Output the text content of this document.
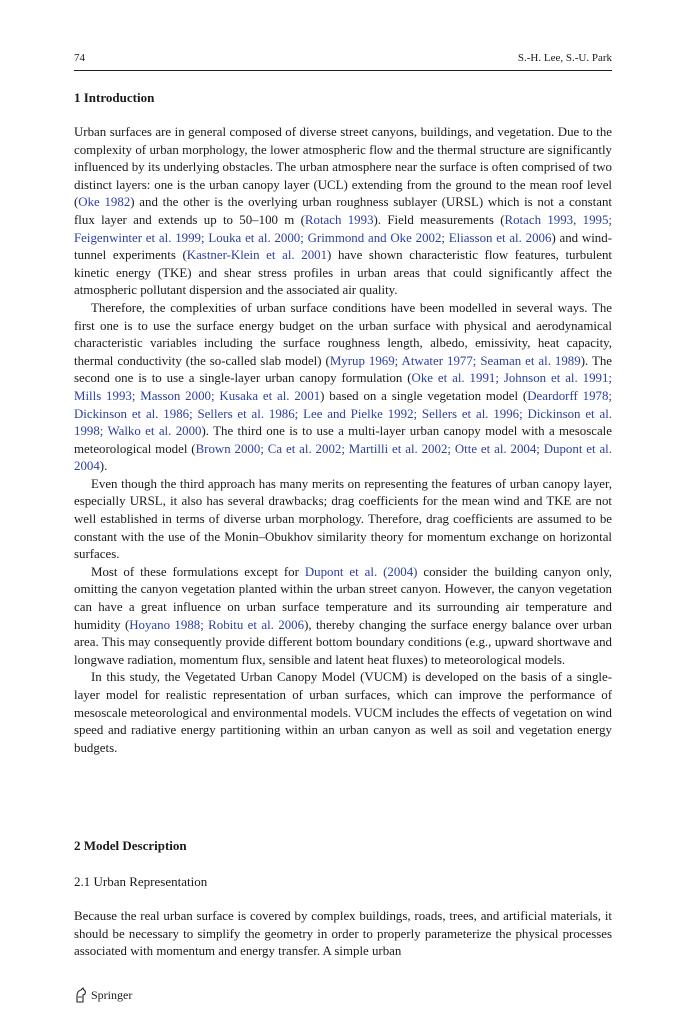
74	S.-H. Lee, S.-U. Park
1 Introduction

Urban surfaces are in general composed of diverse street canyons, buildings, and vegetation. Due to the complexity of urban morphology, the lower atmospheric flow and the thermal structure are significantly influenced by its underlying obstacles. The urban atmosphere near the surface is often comprised of two distinct layers: one is the urban canopy layer (UCL) extending from the ground to the mean roof level (Oke 1982) and the other is the overlying urban roughness sublayer (URSL) which is not a constant flux layer and extends up to 50–100 m (Rotach 1993). Field measurements (Rotach 1993, 1995; Feigenwinter et al. 1999; Louka et al. 2000; Grimmond and Oke 2002; Eliasson et al. 2006) and wind-tunnel experiments (Kastner-Klein et al. 2001) have shown characteristic flow features, turbulent kinetic energy (TKE) and shear stress profiles in urban areas that could significantly affect the atmospheric pollutant dispersion and the associated air quality.

Therefore, the complexities of urban surface conditions have been modelled in several ways. The first one is to use the surface energy budget on the urban surface with physical and aerodynamical characteristic variables including the surface roughness length, albedo, emissivity, heat capacity, thermal conductivity (the so-called slab model) (Myrup 1969; Atwater 1977; Seaman et al. 1989). The second one is to use a single-layer urban canopy formulation (Oke et al. 1991; Johnson et al. 1991; Mills 1993; Masson 2000; Kusaka et al. 2001) based on a single vegetation model (Deardorff 1978; Dickinson et al. 1986; Sellers et al. 1986; Lee and Pielke 1992; Sellers et al. 1996; Dickinson et al. 1998; Walko et al. 2000). The third one is to use a multi-layer urban canopy model with a mesoscale meteorological model (Brown 2000; Ca et al. 2002; Martilli et al. 2002; Otte et al. 2004; Dupont et al. 2004).

Even though the third approach has many merits on representing the features of urban canopy layer, especially URSL, it also has several drawbacks; drag coefficients for the mean wind and TKE are not well established in terms of diverse urban morphology. Therefore, drag coefficients are assumed to be constant with the use of the Monin–Obukhov similarity theory for momentum exchange on horizontal surfaces.

Most of these formulations except for Dupont et al. (2004) consider the building canyon only, omitting the canyon vegetation planted within the urban street canyon. However, the canyon vegetation can have a great influence on urban surface temperature and its surrounding air temperature and humidity (Hoyano 1988; Robitu et al. 2006), thereby changing the surface energy balance over urban area. This may consequently provide different bottom boundary conditions (e.g., upward shortwave and longwave radiation, momentum flux, sensible and latent heat fluxes) to meteorological models.

In this study, the Vegetated Urban Canopy Model (VUCM) is developed on the basis of a single-layer model for realistic representation of urban surfaces, which can improve the performance of mesoscale meteorological and environmental models. VUCM includes the effects of vegetation on wind speed and radiative energy partitioning within an urban canyon as well as soil and vegetation energy budgets.

2 Model Description
2.1 Urban Representation

Because the real urban surface is covered by complex buildings, roads, trees, and artificial materials, it should be necessary to simplify the geometry in order to properly parameterize the physical processes associated with momentum and energy transfer. A simple urban

Springer
